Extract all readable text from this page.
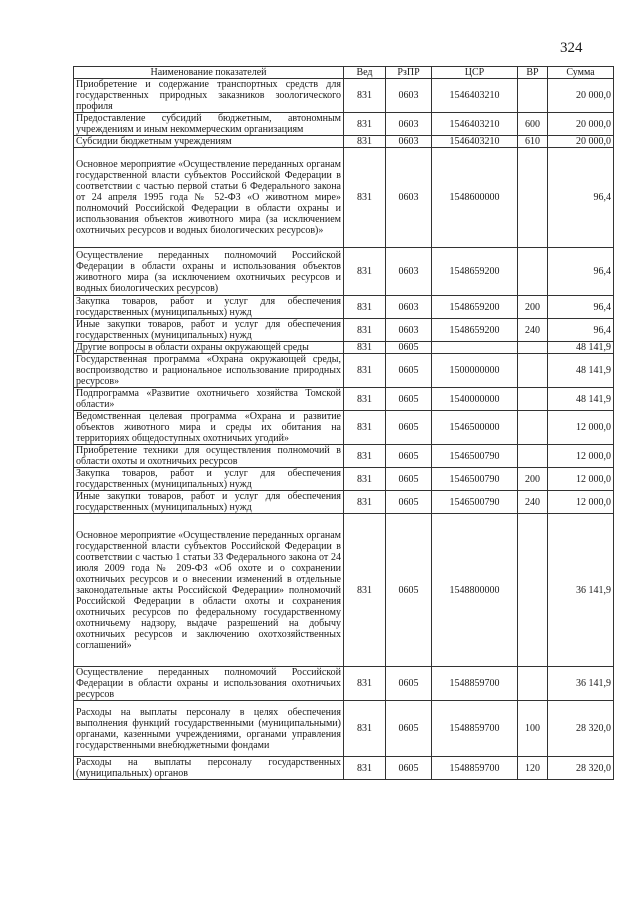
324
Наименование показателей	Вед	РзПР	ЦСР	ВР	Сумма
Приобретение и содержание транспортных средств для государственных природных заказников зоологического профиля	831	0603	1546403210		20 000,0
Предоставление субсидий бюджетным, автономным учреждениям и иным некоммерческим организациям	831	0603	1546403210	600	20 000,0
Субсидии бюджетным учреждениям	831	0603	1546403210	610	20 000,0
Основное мероприятие «Осуществление переданных органам государственной власти субъектов Российской Федерации в соответствии с частью первой статьи 6 Федерального закона от 24 апреля 1995 года № 52-ФЗ «О животном мире» полномочий Российской Федерации в области охраны и использования объектов животного мира (за исключением охотничьих ресурсов и водных биологических ресурсов)»	831	0603	1548600000		96,4
Осуществление переданных полномочий Российской Федерации в области охраны и использования объектов животного мира (за исключением охотничьих ресурсов и водных биологических ресурсов)	831	0603	1548659200		96,4
Закупка товаров, работ и услуг для обеспечения государственных (муниципальных) нужд	831	0603	1548659200	200	96,4
Иные закупки товаров, работ и услуг для обеспечения государственных (муниципальных) нужд	831	0603	1548659200	240	96,4
Другие вопросы в области охраны окружающей среды	831	0605			48 141,9
Государственная программа «Охрана окружающей среды, воспроизводство и рациональное использование природных ресурсов»	831	0605	1500000000		48 141,9
Подпрограмма «Развитие охотничьего хозяйства Томской области»	831	0605	1540000000		48 141,9
Ведомственная целевая программа «Охрана и развитие объектов животного мира и среды их обитания на территориях общедоступных охотничьих угодий»	831	0605	1546500000		12 000,0
Приобретение техники для осуществления полномочий в области охоты и охотничьих ресурсов	831	0605	1546500790		12 000,0
Закупка товаров, работ и услуг для обеспечения государственных (муниципальных) нужд	831	0605	1546500790	200	12 000,0
Иные закупки товаров, работ и услуг для обеспечения государственных (муниципальных) нужд	831	0605	1546500790	240	12 000,0
Основное мероприятие «Осуществление переданных органам государственной власти субъектов Российской Федерации в соответствии с частью 1 статьи 33 Федерального закона от 24 июля 2009 года № 209-ФЗ «Об охоте и о сохранении охотничьих ресурсов и о внесении изменений в отдельные законодательные акты Российской Федерации» полномочий Российской Федерации в области охоты и сохранения охотничьих ресурсов по федеральному государственному охотничьему надзору, выдаче разрешений на добычу охотничьих ресурсов и заключению охотхозяйственных соглашений»	831	0605	1548800000		36 141,9
Осуществление переданных полномочий Российской Федерации в области охраны и использования охотничьих ресурсов	831	0605	1548859700		36 141,9
Расходы на выплаты персоналу в целях обеспечения выполнения функций государственными (муниципальными) органами, казенными учреждениями, органами управления государственными внебюджетными фондами	831	0605	1548859700	100	28 320,0
Расходы на выплаты персоналу государственных (муниципальных) органов	831	0605	1548859700	120	28 320,0
